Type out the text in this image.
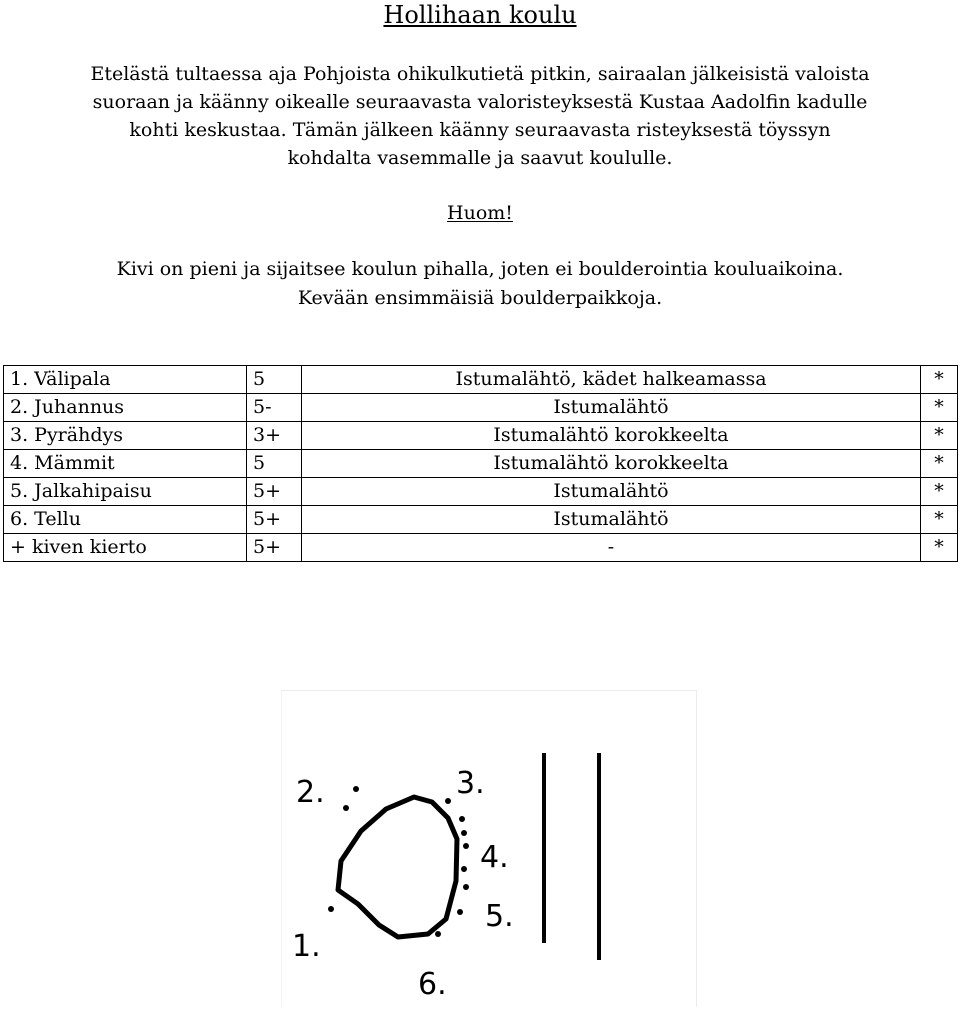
Hollihaan koulu

Etelästä tultaessa aja Pohjoista ohikulkutietä pitkin, sairaalan jälkeisistä valoista

suoraan ja käänny oikealle seuraavasta valoristeyksestä Kustaa Aadolfin kadulle

kohti keskustaa. Tämän jälkeen käänny seuraavasta risteyksestä töyssyn

kohdalta vasemmalle ja saavut koululle.

Huom!

Kivi on pieni ja sijaitsee koulun pihalla, joten ei boulderointia kouluaikoina.

Kevään ensimmäisiä boulderpaikkoja.

1. Välipala	5	Istumalähtö, kädet halkeamassa	*
2. Juhannus	5-	Istumalähtö	*
3. Pyrähdys	3+	Istumalähtö korokkeelta	*
4. Mämmit	5	Istumalähtö korokkeelta	*
5. Jalkahipaisu	5+	Istumalähtö	*
6. Tellu	5+	Istumalähtö	*
+ kiven kierto	5+	-	*
1.
2.	3.
4.
5.
6.
